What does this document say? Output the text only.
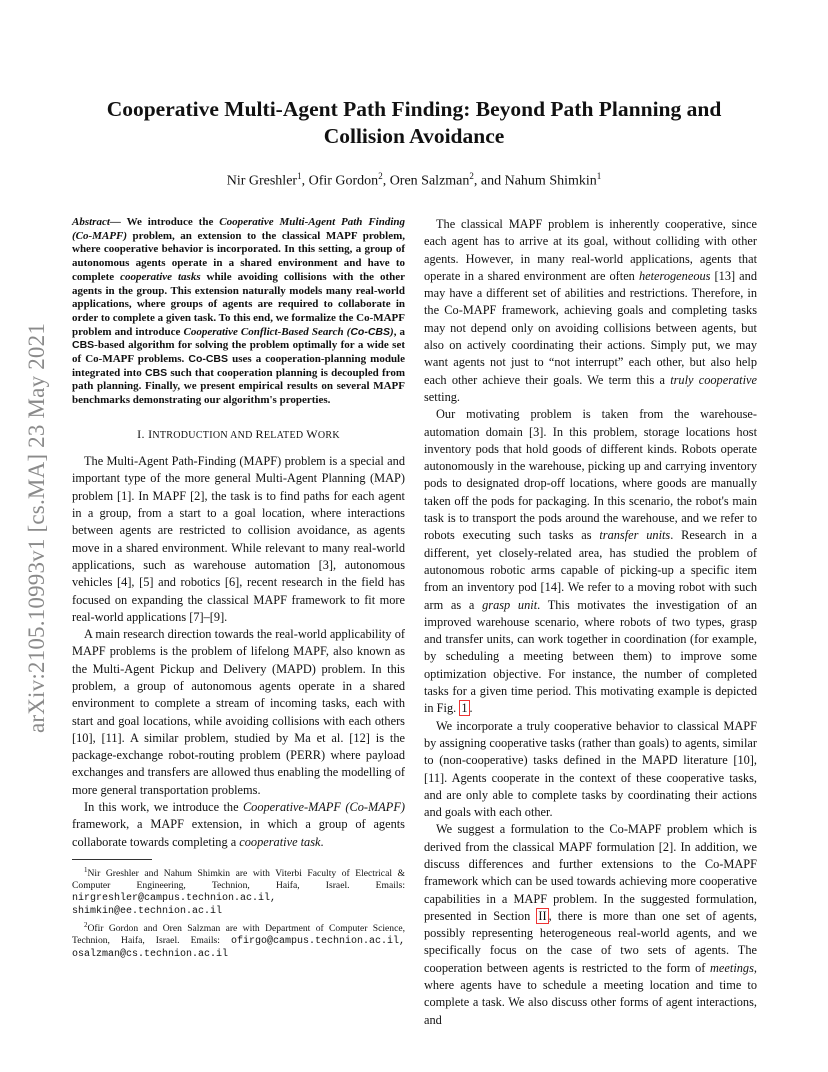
arXiv:2105.10993v1 [cs.MA] 23 May 2021
Cooperative Multi-Agent Path Finding: Beyond Path Planning and Collision Avoidance
Nir Greshler$^1$, Ofir Gordon$^2$, Oren Salzman$^2$, and Nahum Shimkin$^1$
Abstract— We introduce the Cooperative Multi-Agent Path Finding (Co-MAPF) problem, an extension to the classical MAPF problem, where cooperative behavior is incorporated. In this setting, a group of autonomous agents operate in a shared environment and have to complete cooperative tasks while avoiding collisions with the other agents in the group. This extension naturally models many real-world applications, where groups of agents are required to collaborate in order to complete a given task. To this end, we formalize the Co-MAPF problem and introduce Cooperative Conflict-Based Search (Co-CBS), a CBS-based algorithm for solving the problem optimally for a wide set of Co-MAPF problems. Co-CBS uses a cooperation-planning module integrated into CBS such that cooperation planning is decoupled from path planning. Finally, we present empirical results on several MAPF benchmarks demonstrating our algorithm's properties.
I. INTRODUCTION AND RELATED WORK

The Multi-Agent Path-Finding (MAPF) problem is a special and important type of the more general Multi-Agent Planning (MAP) problem [1]. In MAPF [2], the task is to find paths for each agent in a group, from a start to a goal location, where interactions between agents are restricted to collision avoidance, as agents move in a shared environment. While relevant to many real-world applications, such as warehouse automation [3], autonomous vehicles [4], [5] and robotics [6], recent research in the field has focused on expanding the classical MAPF framework to fit more real-world applications [7]–[9].

A main research direction towards the real-world applicability of MAPF problems is the problem of lifelong MAPF, also known as the Multi-Agent Pickup and Delivery (MAPD) problem. In this problem, a group of autonomous agents operate in a shared environment to complete a stream of incoming tasks, each with start and goal locations, while avoiding collisions with each others [10], [11]. A similar problem, studied by Ma et al. [12] is the package-exchange robot-routing problem (PERR) where payload exchanges and transfers are allowed thus enabling the modelling of more general transportation problems.

In this work, we introduce the Cooperative-MAPF (Co-MAPF) framework, a MAPF extension, in which a group of agents collaborate towards completing a cooperative task.

$^1$Nir Greshler and Nahum Shimkin are with Viterbi Faculty of Electrical & Computer Engineering, Technion, Haifa, Israel. Emails: nirgreshler@campus.technion.ac.il, shimkin@ee.technion.ac.il

$^2$Ofir Gordon and Oren Salzman are with Department of Computer Science, Technion, Haifa, Israel. Emails: ofirgo@campus.technion.ac.il, osalzman@cs.technion.ac.il

The classical MAPF problem is inherently cooperative, since each agent has to arrive at its goal, without colliding with other agents. However, in many real-world applications, agents that operate in a shared environment are often heterogeneous [13] and may have a different set of abilities and restrictions. Therefore, in the Co-MAPF framework, achieving goals and completing tasks may not depend only on avoiding collisions between agents, but also on actively coordinating their actions. Simply put, we may want agents not just to “not interrupt” each other, but also help each other achieve their goals. We term this a truly cooperative setting.

Our motivating problem is taken from the warehouse-automation domain [3]. In this problem, storage locations host inventory pods that hold goods of different kinds. Robots operate autonomously in the warehouse, picking up and carrying inventory pods to designated drop-off locations, where goods are manually taken off the pods for packaging. In this scenario, the robot's main task is to transport the pods around the warehouse, and we refer to robots executing such tasks as transfer units. Research in a different, yet closely-related area, has studied the problem of autonomous robotic arms capable of picking-up a specific item from an inventory pod [14]. We refer to a moving robot with such arm as a grasp unit. This motivates the investigation of an improved warehouse scenario, where robots of two types, grasp and transfer units, can work together in coordination (for example, by scheduling a meeting between them) to improve some optimization objective. For instance, the number of completed tasks for a given time period. This motivating example is depicted in Fig. 1 .

We incorporate a truly cooperative behavior to classical MAPF by assigning cooperative tasks (rather than goals) to agents, similar to (non-cooperative) tasks defined in the MAPD literature [10], [11]. Agents cooperate in the context of these cooperative tasks, and are only able to complete tasks by coordinating their actions and goals with each other.

We suggest a formulation to the Co-MAPF problem which is derived from the classical MAPF formulation [2]. In addition, we discuss differences and further extensions to the Co-MAPF framework which can be used towards achieving more cooperative capabilities in a MAPF problem. In the suggested formulation, presented in Section II , there is more than one set of agents, possibly representing heterogeneous real-world agents, and we specifically focus on the case of two sets of agents. The cooperation between agents is restricted to the form of meetings, where agents have to schedule a meeting location and time to complete a task. We also discuss other forms of agent interactions, and
